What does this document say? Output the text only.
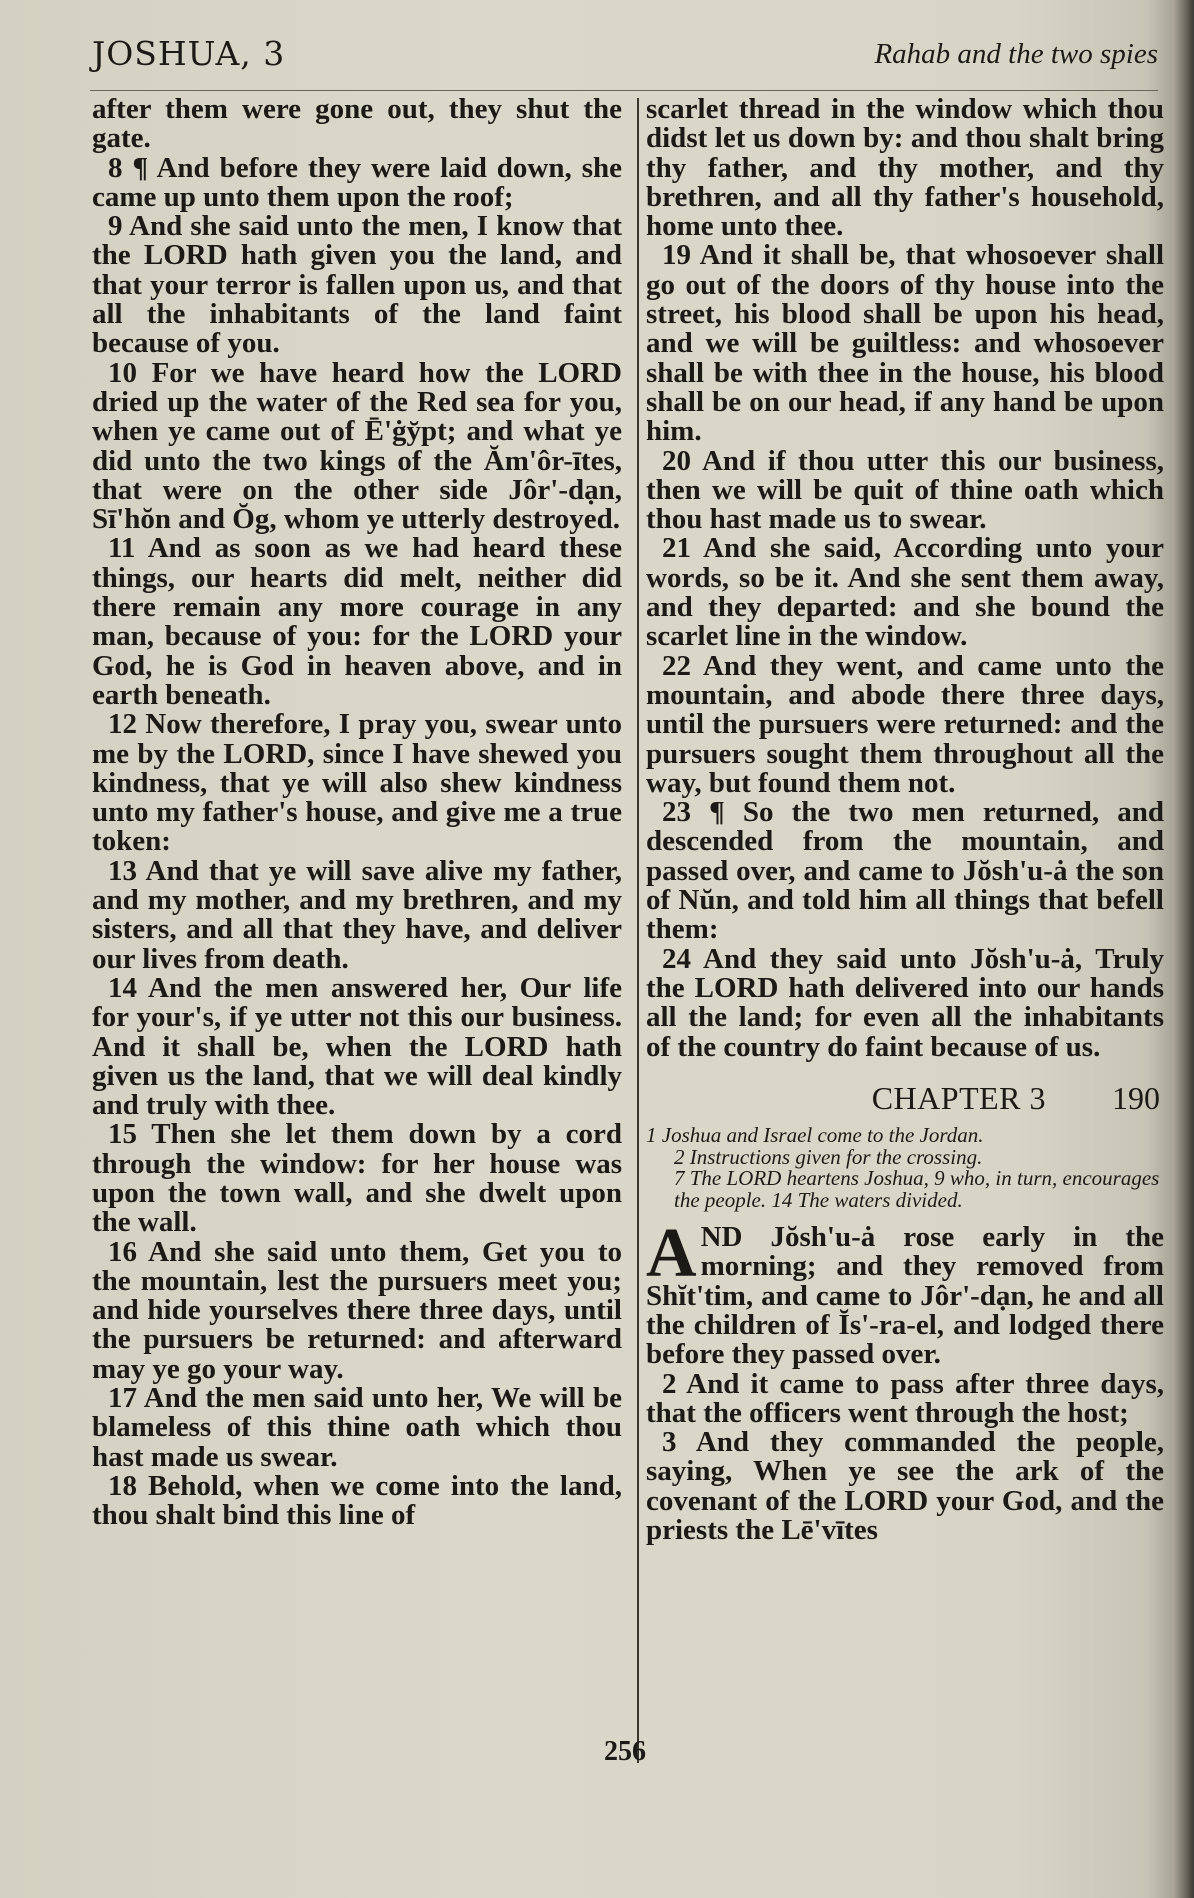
JOSHUA, 3	Rahab and the two spies

after them were gone out, they shut the gate.

8 ¶ And before they were laid down, she came up unto them upon the roof;

9 And she said unto the men, I know that the LORD hath given you the land, and that your terror is fallen upon us, and that all the inhabitants of the land faint because of you.

10 For we have heard how the LORD dried up the water of the Red sea for you, when ye came out of Ē'ġy̆pt; and what ye did unto the two kings of the Ăm'ôr-ītes, that were on the other side Jôr'-dạn, Sī'hŏn and Ŏg, whom ye utterly destroyed.

11 And as soon as we had heard these things, our hearts did melt, neither did there remain any more courage in any man, because of you: for the LORD your God, he is God in heaven above, and in earth beneath.

12 Now therefore, I pray you, swear unto me by the LORD, since I have shewed you kindness, that ye will also shew kindness unto my father's house, and give me a true token:

13 And that ye will save alive my father, and my mother, and my brethren, and my sisters, and all that they have, and deliver our lives from death.

14 And the men answered her, Our life for your's, if ye utter not this our business. And it shall be, when the LORD hath given us the land, that we will deal kindly and truly with thee.

15 Then she let them down by a cord through the window: for her house was upon the town wall, and she dwelt upon the wall.

16 And she said unto them, Get you to the mountain, lest the pursuers meet you; and hide yourselves there three days, until the pursuers be returned: and afterward may ye go your way.

17 And the men said unto her, We will be blameless of this thine oath which thou hast made us swear.

18 Behold, when we come into the land, thou shalt bind this line of

scarlet thread in the window which thou didst let us down by: and thou shalt bring thy father, and thy mother, and thy brethren, and all thy father's household, home unto thee.

19 And it shall be, that whosoever shall go out of the doors of thy house into the street, his blood shall be upon his head, and we will be guiltless: and whosoever shall be with thee in the house, his blood shall be on our head, if any hand be upon him.

20 And if thou utter this our business, then we will be quit of thine oath which thou hast made us to swear.

21 And she said, According unto your words, so be it. And she sent them away, and they departed: and she bound the scarlet line in the window.

22 And they went, and came unto the mountain, and abode there three days, until the pursuers were returned: and the pursuers sought them throughout all the way, but found them not.

23 ¶ So the two men returned, and descended from the mountain, and passed over, and came to Jŏsh'u-ȧ the son of Nŭn, and told him all things that befell them:

24 And they said unto Jŏsh'u-ȧ, Truly the LORD hath delivered into our hands all the land; for even all the inhabitants of the country do faint because of us.

CHAPTER 3 190
1 Joshua and Israel come to the Jordan.
2 Instructions given for the crossing.
7 The LORD heartens Joshua, 9 who, in turn, encourages the people. 14 The waters divided.

AND Jŏsh'u-ȧ rose early in the morning; and they removed from Shĭt'tim, and came to Jôr'-dạn, he and all the children of Ĭs'-ra-el, and lodged there before they passed over.

2 And it came to pass after three days, that the officers went through the host;

3 And they commanded the people, saying, When ye see the ark of the covenant of the LORD your God, and the priests the Lē'vītes

256
